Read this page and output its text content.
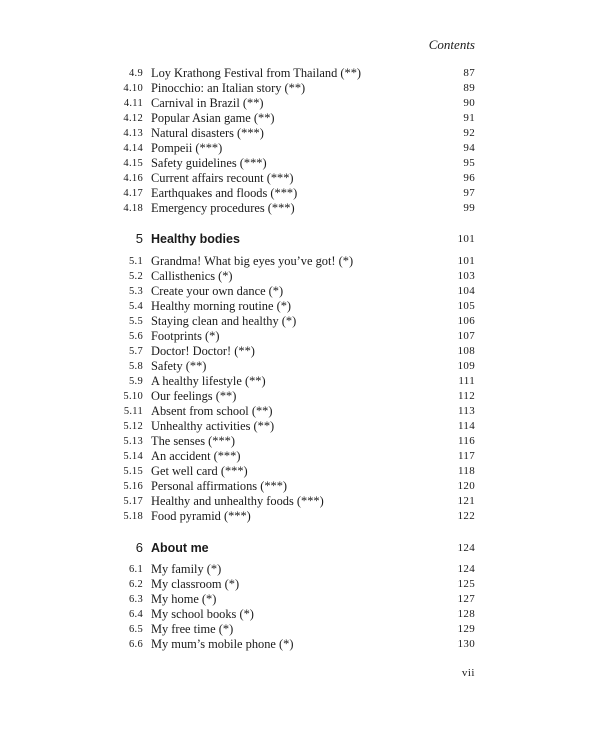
Contents
4.9 Loy Krathong Festival from Thailand (**)	87
4.10 Pinocchio: an Italian story (**)	89
4.11 Carnival in Brazil (**)	90
4.12 Popular Asian game (**)	91
4.13 Natural disasters (***)	92
4.14 Pompeii (***)	94
4.15 Safety guidelines (***)	95
4.16 Current affairs recount (***)	96
4.17 Earthquakes and floods (***)	97
4.18 Emergency procedures (***)	99
5 Healthy bodies	101
5.1 Grandma! What big eyes you’ve got! (*)	101
5.2 Callisthenics (*)	103
5.3 Create your own dance (*)	104
5.4 Healthy morning routine (*)	105
5.5 Staying clean and healthy (*)	106
5.6 Footprints (*)	107
5.7 Doctor! Doctor! (**)	108
5.8 Safety (**)	109
5.9 A healthy lifestyle (**)	111
5.10 Our feelings (**)	112
5.11 Absent from school (**)	113
5.12 Unhealthy activities (**)	114
5.13 The senses (***)	116
5.14 An accident (***)	117
5.15 Get well card (***)	118
5.16 Personal affirmations (***)	120
5.17 Healthy and unhealthy foods (***)	121
5.18 Food pyramid (***)	122
6 About me	124
6.1 My family (*)	124
6.2 My classroom (*)	125
6.3 My home (*)	127
6.4 My school books (*)	128
6.5 My free time (*)	129
6.6 My mum’s mobile phone (*)	130
vii
